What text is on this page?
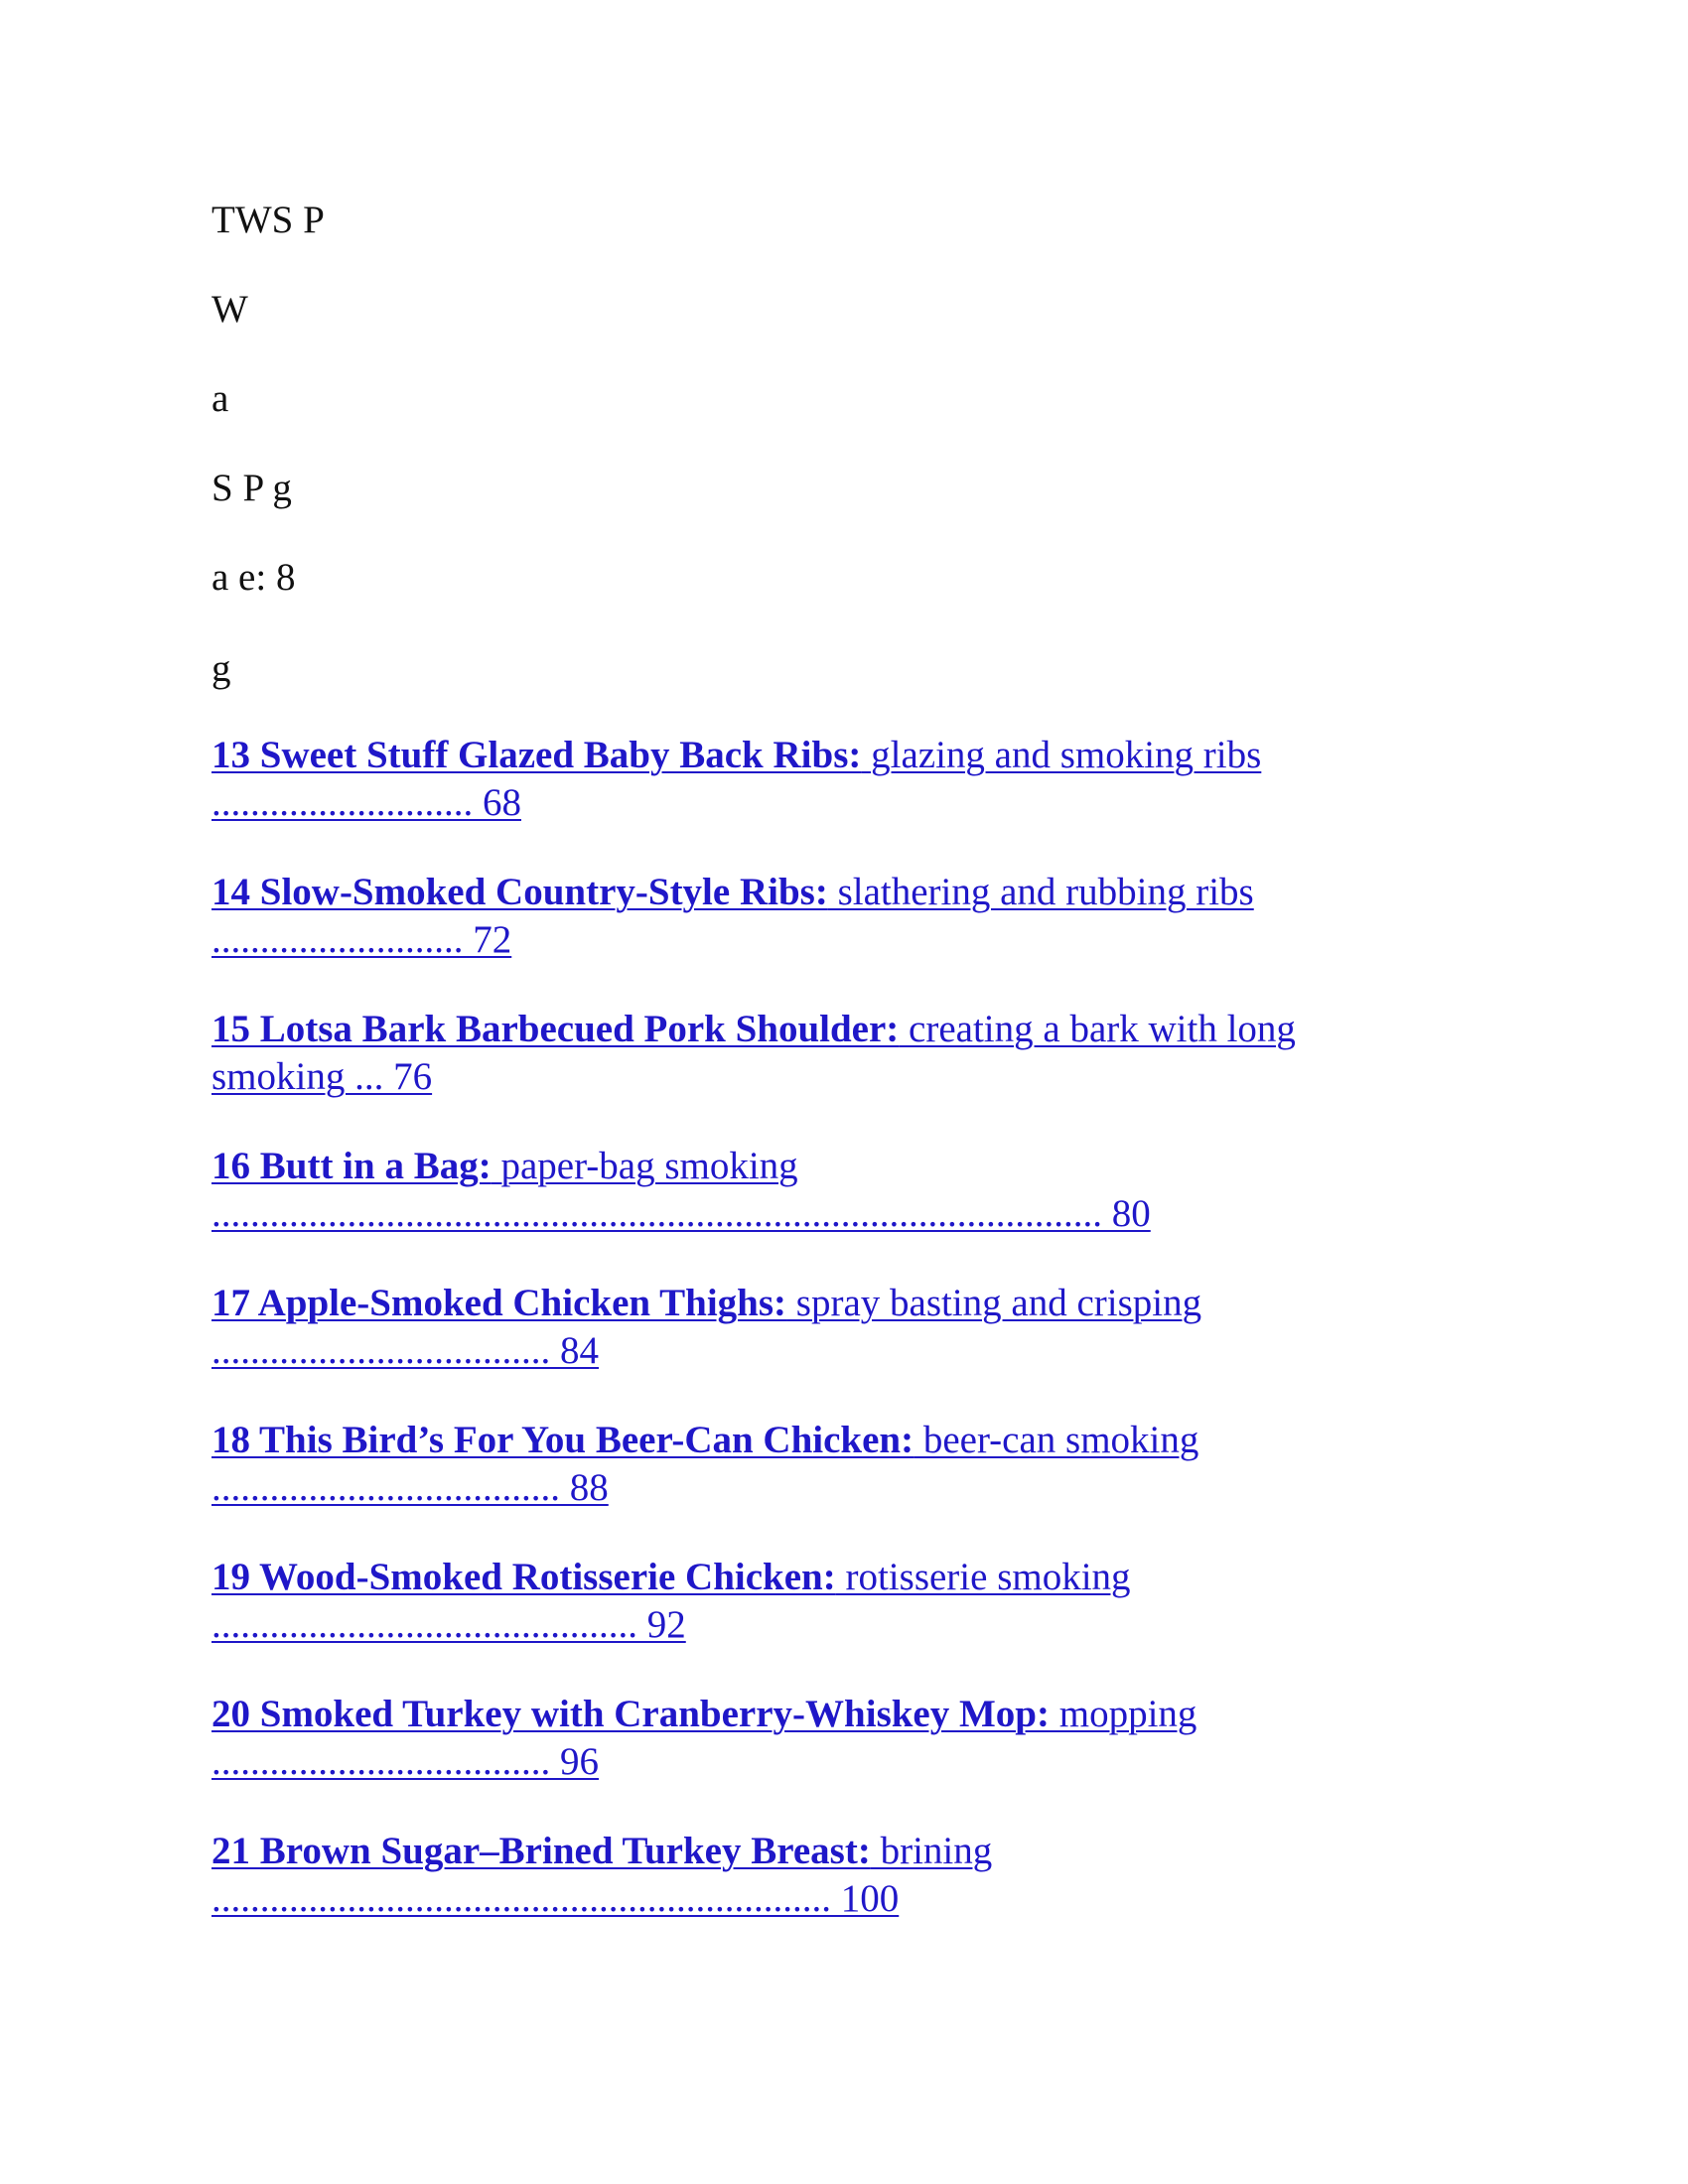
TWS P

W

a

S P g

a e: 8

g

13 Sweet Stuff Glazed Baby Back Ribs: glazing and smoking ribs
........................... 68

14 Slow-Smoked Country-Style Ribs: slathering and rubbing ribs
.......................... 72

15 Lotsa Bark Barbecued Pork Shoulder: creating a bark with long
smoking ... 76

16 Butt in a Bag: paper-bag smoking
............................................................................................ 80

17 Apple-Smoked Chicken Thighs: spray basting and crisping
................................... 84

18 This Bird’s For You Beer-Can Chicken: beer-can smoking
.................................... 88

19 Wood-Smoked Rotisserie Chicken: rotisserie smoking
............................................ 92

20 Smoked Turkey with Cranberry-Whiskey Mop: mopping
................................... 96

21 Brown Sugar–Brined Turkey Breast: brining
................................................................ 100
